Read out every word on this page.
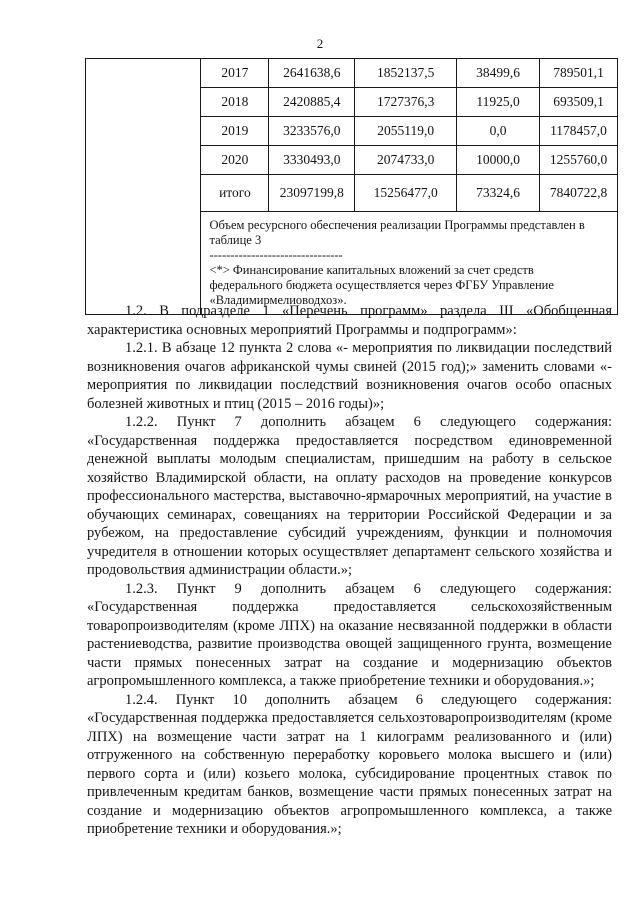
2
	2017	2641638,6	1852137,5	38499,6	789501,1
	2018	2420885,4	1727376,3	11925,0	693509,1
	2019	3233576,0	2055119,0	0,0	1178457,0
	2020	3330493,0	2074733,0	10000,0	1255760,0
	итого	23097199,8	15256477,0	73324,6	7840722,8

	Объем ресурсного обеспечения реализации Программы представлен в таблице 3
--------------------------------
<*> Финансирование капитальных вложений за счет средств федерального бюджета осуществляется через ФГБУ Управление «Владимирмелиоводхоз».				

1.2. В подразделе 1 «Перечень программ» раздела III «Обобщенная характеристика основных мероприятий Программы и подпрограмм»:

1.2.1. В абзаце 12 пункта 2 слова «- мероприятия по ликвидации последствий возникновения очагов африканской чумы свиней (2015 год);» заменить словами «- мероприятия по ликвидации последствий возникновения очагов особо опасных болезней животных и птиц (2015 – 2016 годы)»;

1.2.2. Пункт 7 дополнить абзацем 6 следующего содержания: «Государственная поддержка предоставляется посредством единовременной денежной выплаты молодым специалистам, пришедшим на работу в сельское хозяйство Владимирской области, на оплату расходов на проведение конкурсов профессионального мастерства, выставочно-ярмарочных мероприятий, на участие в обучающих семинарах, совещаниях на территории Российской Федерации и за рубежом, на предоставление субсидий учреждениям, функции и полномочия учредителя в отношении которых осуществляет департамент сельского хозяйства и продовольствия администрации области.»;

1.2.3. Пункт 9 дополнить абзацем 6 следующего содержания: «Государственная поддержка предоставляется сельскохозяйственным товаропроизводителям (кроме ЛПХ) на оказание несвязанной поддержки в области растениеводства, развитие производства овощей защищенного грунта, возмещение части прямых понесенных затрат на создание и модернизацию объектов агропромышленного комплекса, а также приобретение техники и оборудования.»;

1.2.4. Пункт 10 дополнить абзацем 6 следующего содержания: «Государственная поддержка предоставляется сельхозтоваропроизводителям (кроме ЛПХ) на возмещение части затрат на 1 килограмм реализованного и (или) отгруженного на собственную переработку коровьего молока высшего и (или) первого сорта и (или) козьего молока, субсидирование процентных ставок по привлеченным кредитам банков, возмещение части прямых понесенных затрат на создание и модернизацию объектов агропромышленного комплекса, а также приобретение техники и оборудования.»;
